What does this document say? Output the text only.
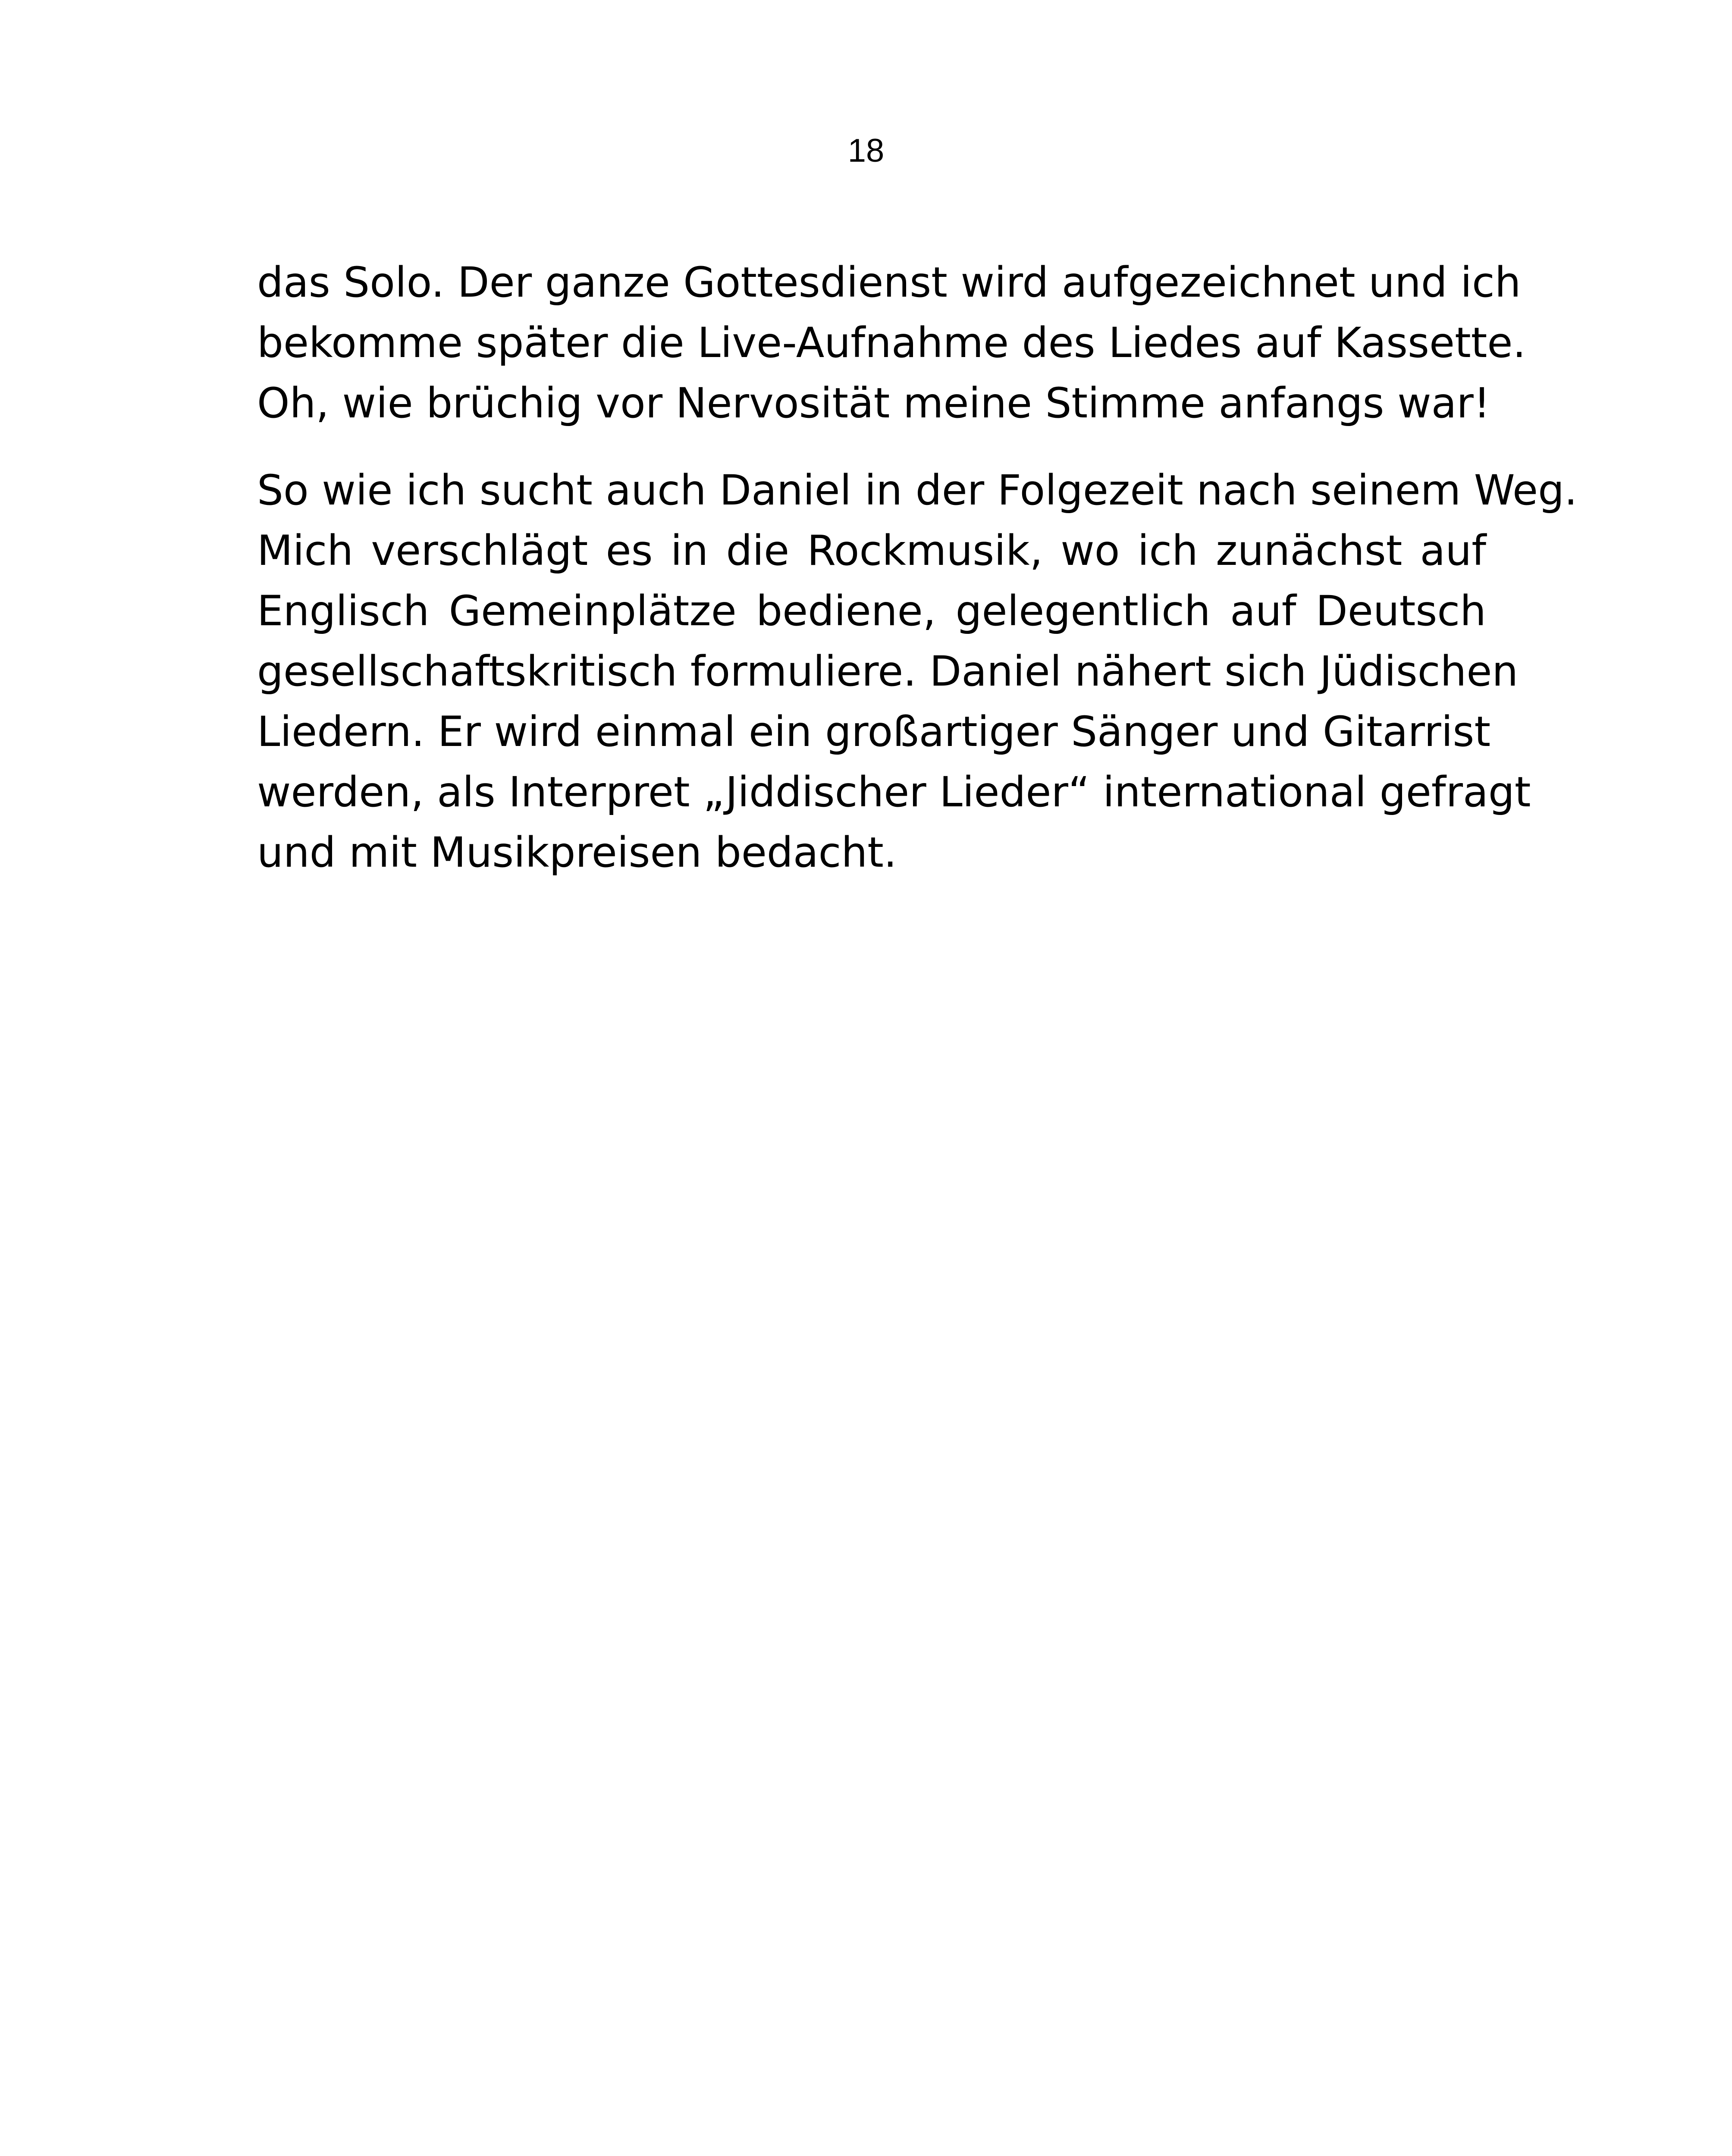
18
das Solo. Der ganze Gottesdienst wird aufgezeichnet und ich
bekomme später die Live-Aufnahme des Liedes auf Kassette.
Oh, wie brüchig vor Nervosität meine Stimme anfangs war!
So wie ich sucht auch Daniel in der Folgezeit nach seinem Weg.
Mich verschlägt es in die Rockmusik, wo ich zunächst auf
Englisch Gemeinplätze bediene, gelegentlich auf Deutsch
gesellschaftskritisch formuliere. Daniel nähert sich Jüdischen
Liedern. Er wird einmal ein großartiger Sänger und Gitarrist
werden, als Interpret „Jiddischer Lieder“ international gefragt
und mit Musikpreisen bedacht.
